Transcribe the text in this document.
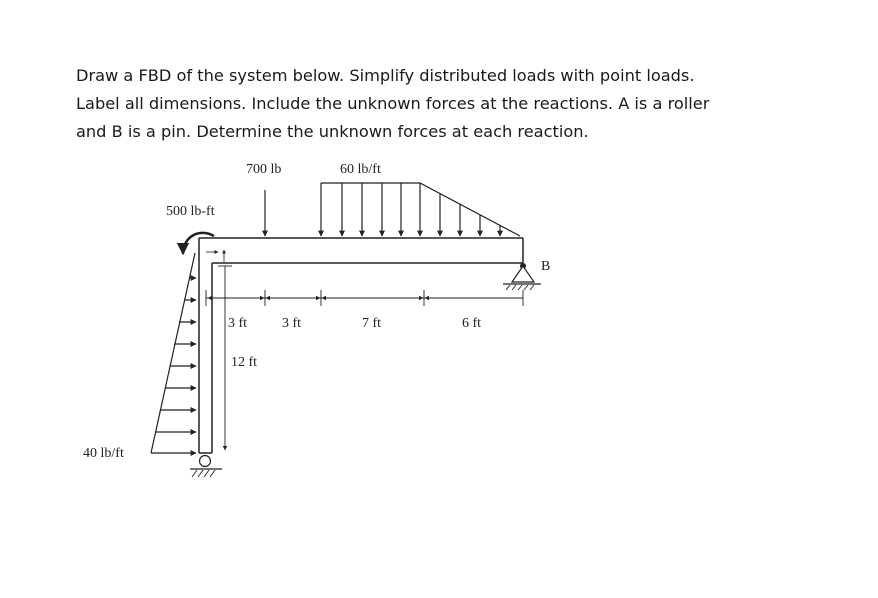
Draw a FBD of the system below. Simplify distributed loads with point loads.
Label all dimensions. Include the unknown forces at the reactions. A is a roller
and B is a pin. Determine the unknown forces at each reaction.
700 lb	60 lb/ft
500 lb-ft
40 lb/ft
B
3 ft 3 ft	7 ft	6 ft
12 ft
